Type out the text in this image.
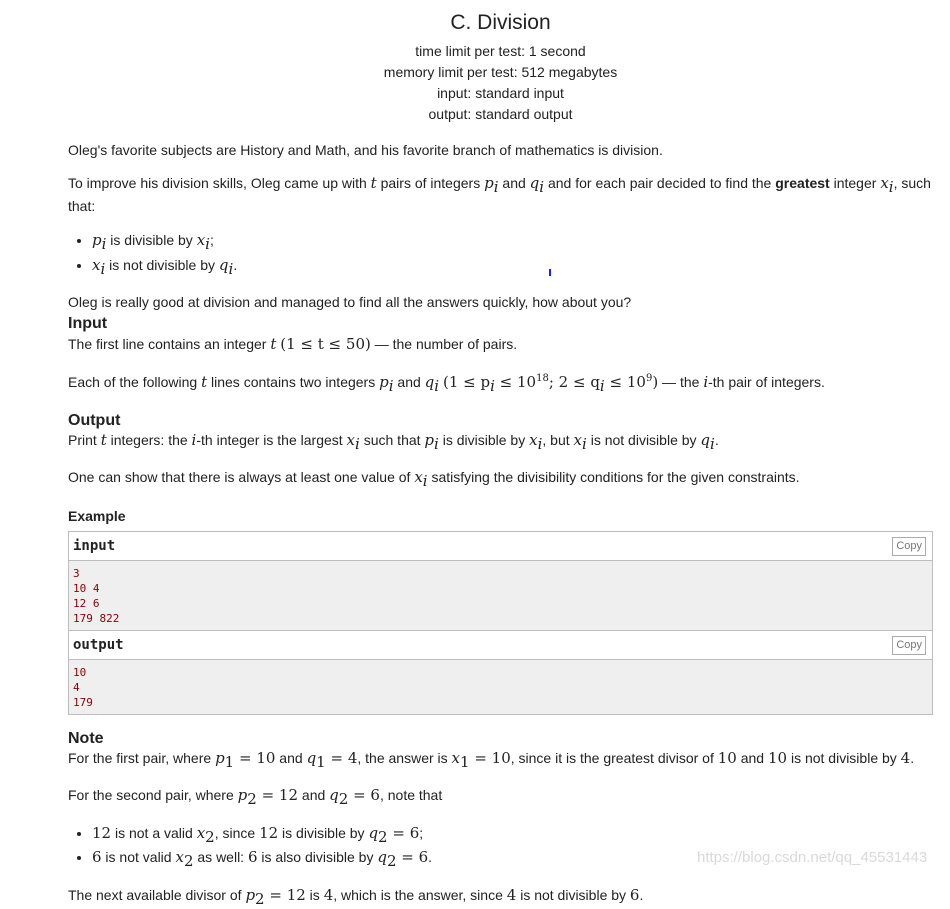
C. Division
time limit per test: 1 second
memory limit per test: 512 megabytes
input: standard input
output: standard output

Oleg's favorite subjects are History and Math, and his favorite branch of mathematics is division.

To improve his division skills, Oleg came up with t pairs of integers $p_i$ and $q_i$ and for each pair decided to find the greatest integer $x_i$, such that:

• $p_i$ is divisible by $x_i$;
• $x_i$ is not divisible by $q_i$.

Oleg is really good at division and managed to find all the answers quickly, how about you?

Input

The first line contains an integer t (1 ≤ t ≤ 50) — the number of pairs.

Each of the following t lines contains two integers $p_i$ and $q_i$ ($1 \le p_i \le 10^{18}$; $2 \le q_i \le 10^9$) — the i-th pair of integers.

Output

Print t integers: the i-th integer is the largest $x_i$ such that $p_i$ is divisible by $x_i$, but $x_i$ is not divisible by $q_i$.

One can show that there is always at least one value of $x_i$ satisfying the divisibility conditions for the given constraints.

Example
input	Copy
3
10 4
12 6
179 822
output	Copy
10
4
179
Note

For the first pair, where $p_1 = 10$ and $q_1 = 4$, the answer is $x_1 = 10$, since it is the greatest divisor of 10 and 10 is not divisible by 4.

For the second pair, where $p_2 = 12$ and $q_2 = 6$, note that

• 12 is not a valid $x_2$, since 12 is divisible by $q_2 = 6$;
• 6 is not valid $x_2$ as well: 6 is also divisible by $q_2 = 6$.

The next available divisor of $p_2 = 12$ is 4, which is the answer, since 4 is not divisible by 6.

https://blog.csdn.net/qq_45531443
